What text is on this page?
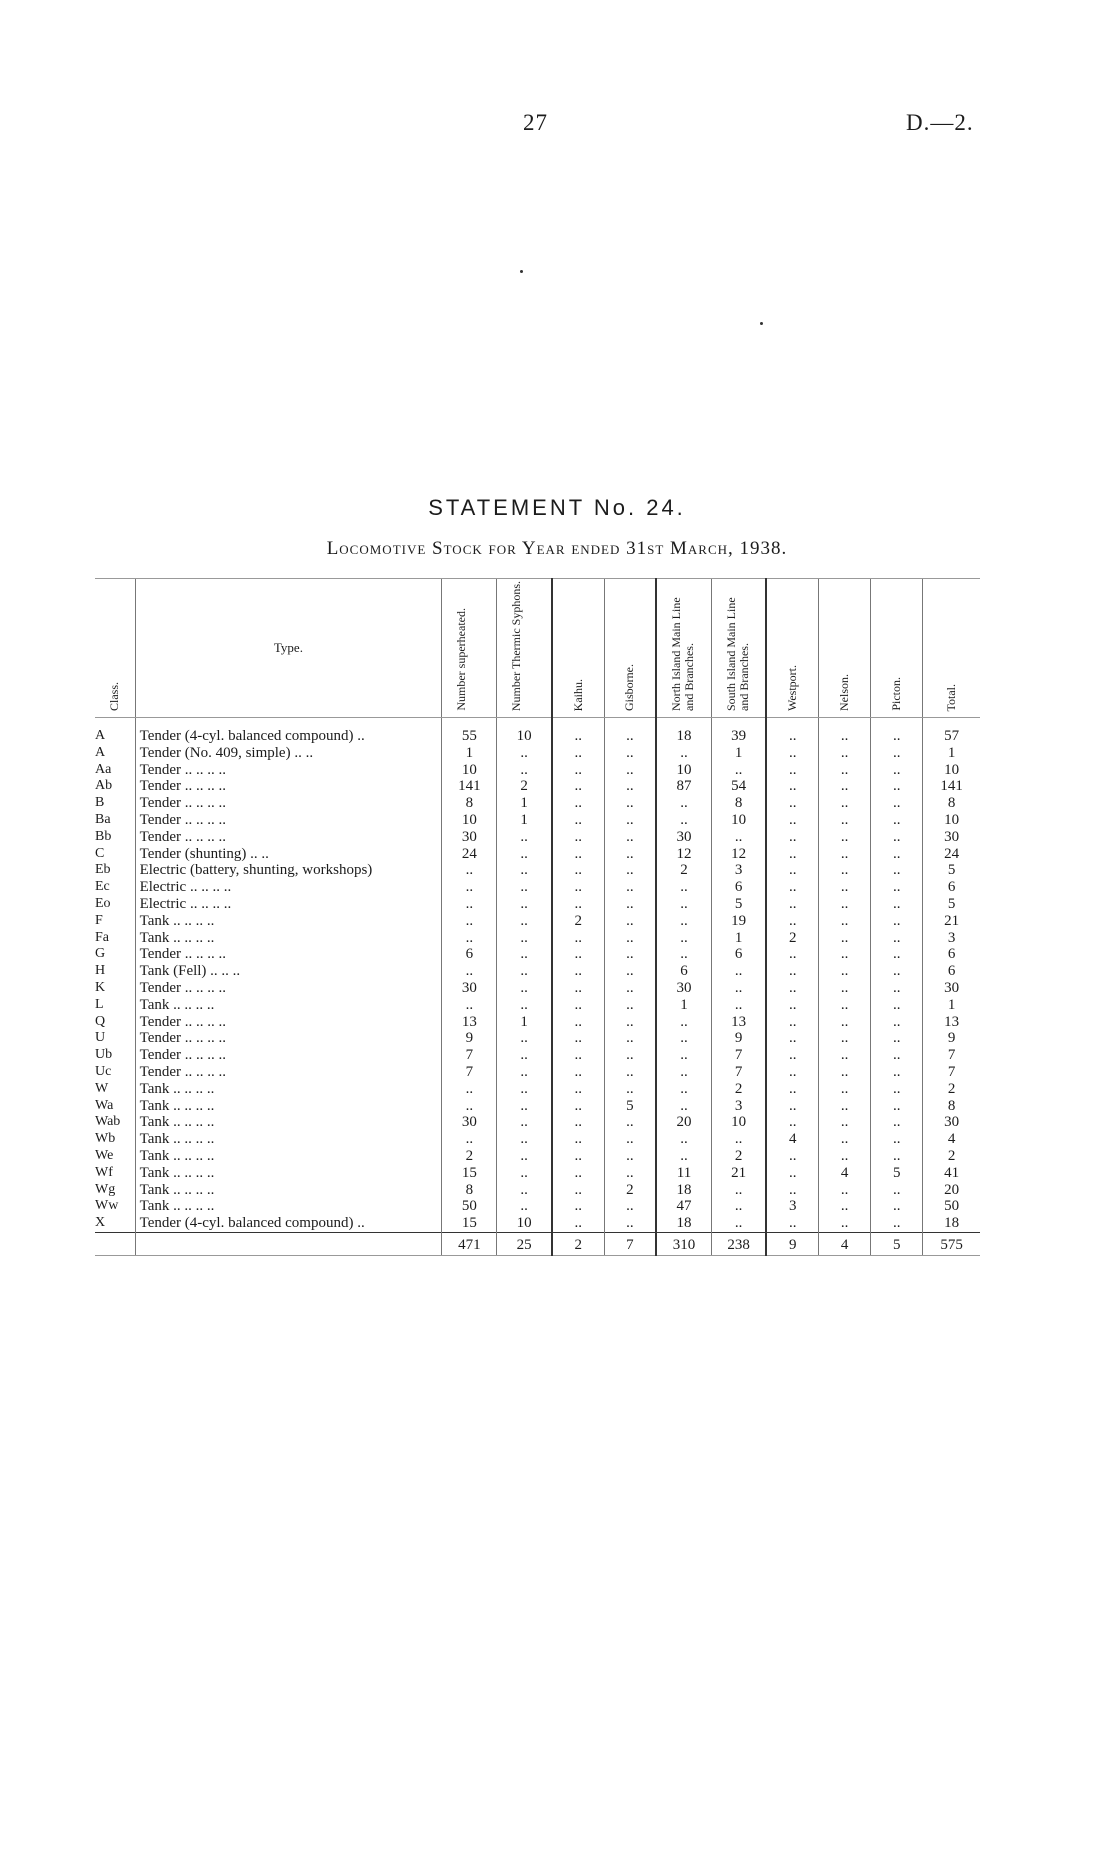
27	D.—2.
STATEMENT No. 24.
Locomotive Stock for Year ended 31st March, 1938.
Class.	Type.	Number superheated.	Number Thermic Syphons.	Kaihu.	Gisborne.	North Island Main Line and Branches.	South Island Main Line and Branches.	Westport.	Nelson.	Picton.	Total.

A	Tender (4-cyl. balanced compound) ..	55	10	..	..	18	39	..	..	..	57
A	Tender (No. 409, simple) .. ..	1	..	..	..	..	1	..	..	..	1
Aa	Tender .. .. .. ..	10	..	..	..	10	..	..	..	..	10
Ab	Tender .. .. .. ..	141	2	..	..	87	54	..	..	..	141
B	Tender .. .. .. ..	8	1	..	..	..	8	..	..	..	8
Ba	Tender .. .. .. ..	10	1	..	..	..	10	..	..	..	10
Bb	Tender .. .. .. ..	30	..	..	..	30	..	..	..	..	30
C	Tender (shunting) .. ..	24	..	..	..	12	12	..	..	..	24
Eb	Electric (battery, shunting, workshops)	..	..	..	..	2	3	..	..	..	5
Ec	Electric .. .. .. ..	..	..	..	..	..	6	..	..	..	6
Eo	Electric .. .. .. ..	..	..	..	..	..	5	..	..	..	5
F	Tank .. .. .. ..	..	..	2	..	..	19	..	..	..	21
Fa	Tank .. .. .. ..	..	..	..	..	..	1	2	..	..	3
G	Tender .. .. .. ..	6	..	..	..	..	6	..	..	..	6
H	Tank (Fell) .. .. ..	..	..	..	..	6	..	..	..	..	6
K	Tender .. .. .. ..	30	..	..	..	30	..	..	..	..	30
L	Tank .. .. .. ..	..	..	..	..	1	..	..	..	..	1
Q	Tender .. .. .. ..	13	1	..	..	..	13	..	..	..	13
U	Tender .. .. .. ..	9	..	..	..	..	9	..	..	..	9
Ub	Tender .. .. .. ..	7	..	..	..	..	7	..	..	..	7
Uc	Tender .. .. .. ..	7	..	..	..	..	7	..	..	..	7
W	Tank .. .. .. ..	..	..	..	..	..	2	..	..	..	2
Wa	Tank .. .. .. ..	..	..	..	5	..	3	..	..	..	8
Wab	Tank .. .. .. ..	30	..	..	..	20	10	..	..	..	30
Wb	Tank .. .. .. ..	..	..	..	..	..	..	4	..	..	4
We	Tank .. .. .. ..	2	..	..	..	..	2	..	..	..	2
Wf	Tank .. .. .. ..	15	..	..	..	11	21	..	4	5	41
Wg	Tank .. .. .. ..	8	..	..	2	18	..	..	..	..	20
Ww	Tank .. .. .. ..	50	..	..	..	47	..	3	..	..	50
X	Tender (4-cyl. balanced compound) ..	15	10	..	..	18	..	..	..	..	18
		471	25	2	7	310	238	9	4	5	575
